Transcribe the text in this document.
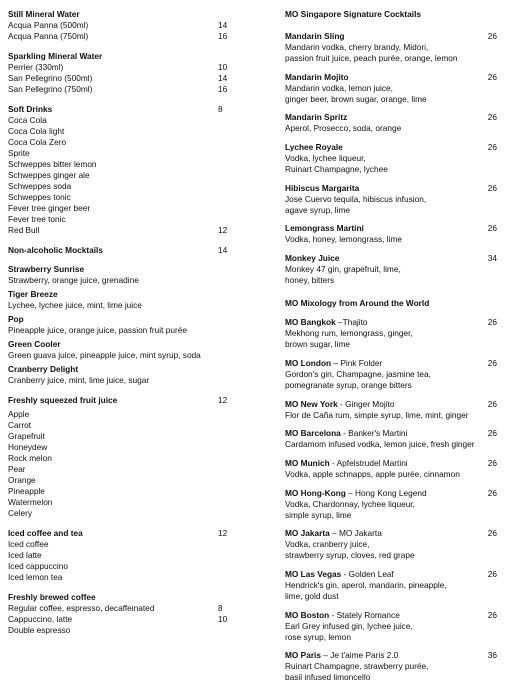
Still Mineral Water
Acqua Panna (500ml)	14
Acqua Panna (750ml)	16
Sparkling Mineral Water
Perrier (330ml)	10
San Pellegrino (500ml)	14
San Pellegrino (750ml)	16
Soft Drinks	8
Coca Cola
Coca Cola light
Coca Cola Zero
Sprite
Schweppes bitter lemon
Schweppes ginger ale
Schweppes soda
Schweppes tonic
Fever tree ginger beer
Fever tree tonic
Red Bull	12
Non-alcoholic Mocktails	14
Strawberry Sunrise
Strawberry, orange juice, grenadine
Tiger Breeze
Lychee, lychee juice, mint, lime juice
Pop
Pineapple juice, orange juice, passion fruit purée
Green Cooler
Green guava juice, pineapple juice, mint syrup, soda
Cranberry Delight
Cranberry juice, mint, lime juice, sugar
Freshly squeezed fruit juice	12
Apple
Carrot
Grapefruit
Honeydew
Rock melon
Pear
Orange
Pineapple
Watermelon
Celery
Iced coffee and tea	12
Iced coffee
Iced latte
Iced cappuccino
Iced lemon tea
Freshly brewed coffee
Regular coffee, espresso, decaffeinated	8
Cappuccino, latte	10
Double espresso
MO Singapore Signature Cocktails
Mandarin Sling	26
Mandarin vodka, cherry brandy, Midori,
passion fruit juice, peach purée, orange, lemon
Mandarin Mojito	26
Mandarin vodka, lemon juice,
ginger beer, brown sugar, orange, lime
Mandarin Spritz	26
Aperol, Prosecco, soda, orange
Lychee Royale	26
Vodka, lychee liqueur,
Ruinart Champagne, lychee
Hibiscus Margarita	26
Jose Cuervo tequila, hibiscus infusion,
agave syrup, lime
Lemongrass Martini	26
Vodka, honey, lemongrass, lime
Monkey Juice	34
Monkey 47 gin, grapefruit, lime,
honey, bitters
MO Mixology from Around the World
MO Bangkok –Thajito	26
Mekhong rum, lemongrass, ginger,
brown sugar, lime
MO London – Pink Folder	26
Gordon's gin, Champagne, jasmine tea,
pomegranate syrup, orange bitters
MO New York - Ginger Mojito	26
Flor de Caña rum, simple syrup, lime, mint, ginger
MO Barcelona - Banker's Martini	26
Cardamom infused vodka, lemon juice, fresh ginger
MO Munich - Apfelstrudel Martini	26
Vodka, apple schnapps, apple purée, cinnamon
MO Hong-Kong – Hong Kong Legend	26
Vodka, Chardonnay, lychee liqueur,
simple syrup, lime
MO Jakarta – MO Jakarta	26
Vodka, cranberry juice,
strawberry syrup, cloves, red grape
MO Las Vegas - Golden Leaf	26
Hendrick's gin, aperol, mandarin, pineapple,
lime, gold dust
MO Boston - Stately Romance	26
Earl Grey infused gin, lychee juice,
rose syrup, lemon
MO Paris – Je t'aime Paris 2.0	36
Ruinart Champagne, strawberry purée,
basil infused limoncello
